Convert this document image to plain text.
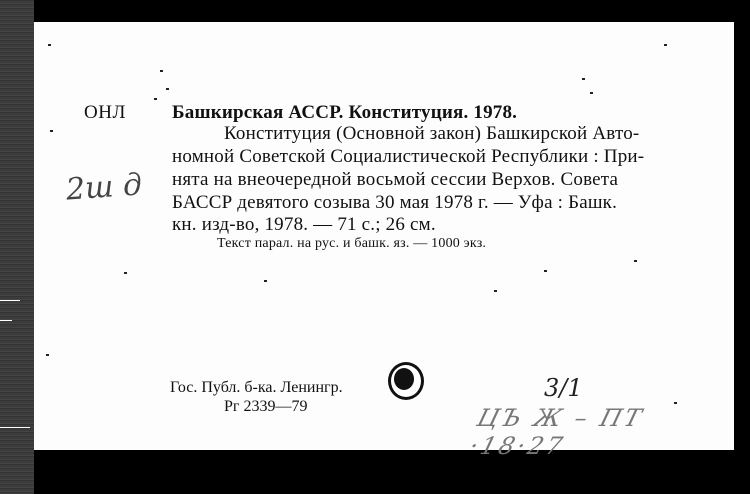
ОНЛ Башкирская АССР. Конституция. 1978.
Конституция (Основной закон) Башкирской Авто-
номной Советской Социалистической Республики : При-
нята на внеочередной восьмой сессии Верхов. Совета
БАССР девятого созыва 30 мая 1978 г. — Уфа : Башк.
кн. изд-во, 1978. — 71 с.; 26 см.
Текст парал. на рус. и башк. яз. — 1000 экз.
Гос. Публ. б-ка. Ленингр.
Рг 2339—79
2ш д
3/1
ЦЪ Ж – ПТ ·18·27
